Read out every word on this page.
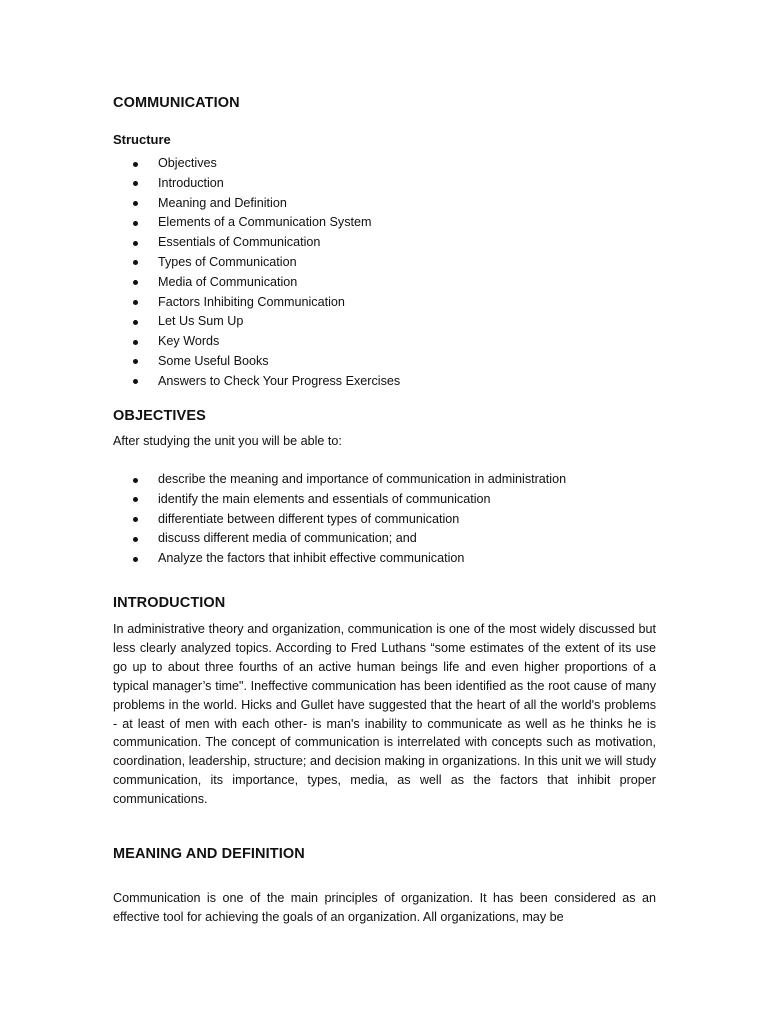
COMMUNICATION
Structure
Objectives
Introduction
Meaning and Definition
Elements of a Communication System
Essentials of Communication
Types of Communication
Media of Communication
Factors Inhibiting Communication
Let Us Sum Up
Key Words
Some Useful Books
Answers to Check Your Progress Exercises
OBJECTIVES
After studying the unit you will be able to:
describe the meaning and importance of communication in administration
identify the main elements and essentials of communication
differentiate between different types of communication
discuss different media of communication; and
Analyze the factors that inhibit effective communication
INTRODUCTION

In administrative theory and organization, communication is one of the most widely discussed but less clearly analyzed topics. According to Fred Luthans “some estimates of the extent of its use go up to about three fourths of an active human beings life and even higher proportions of a typical manager’s time". Ineffective communication has been identified as the root cause of many problems in the world. Hicks and Gullet have suggested that the heart of all the world's problems - at least of men with each other- is man's inability to communicate as well as he thinks he is communication. The concept of communication is interrelated with concepts such as motivation, coordination, leadership, structure; and decision making in organizations. In this unit we will study communication, its importance, types, media, as well as the factors that inhibit proper communications.

MEANING AND DEFINITION

Communication is one of the main principles of organization. It has been considered as an effective tool for achieving the goals of an organization. All organizations, may be
